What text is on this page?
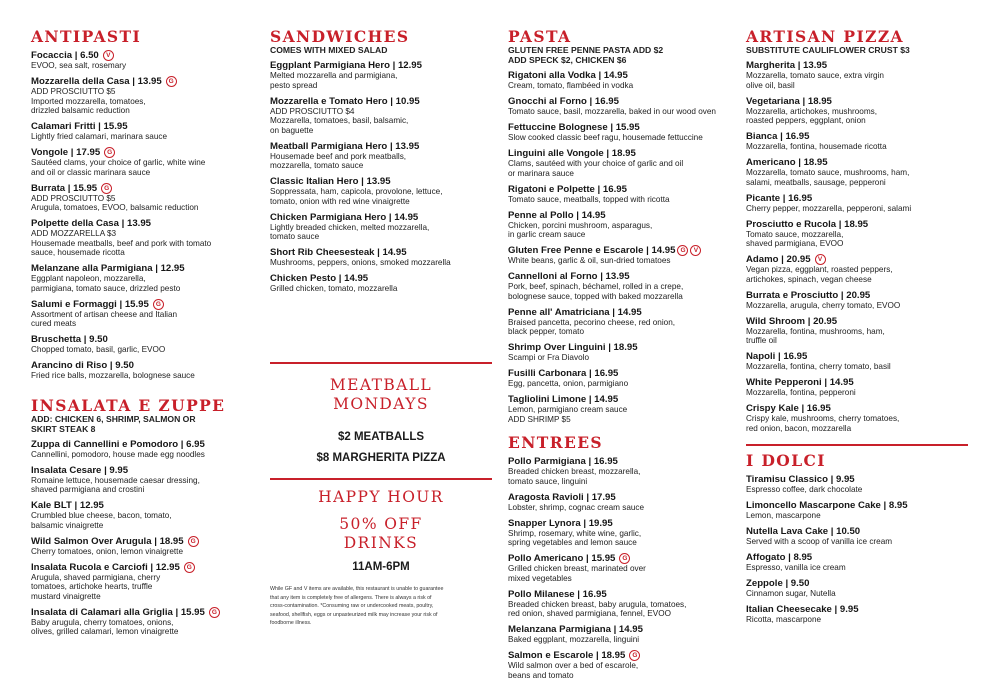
ANTIPASTI
Focaccia | 6.50 V
EVOO, sea salt, rosemary
Mozzarella della Casa | 13.95 G
ADD PROSCIUTTO $5
Imported mozzarella, tomatoes,
drizzled balsamic reduction
Calamari Fritti | 15.95
Lightly fried calamari, marinara sauce
Vongole | 17.95 G
Sautéed clams, your choice of garlic, white wine
and oil or classic marinara sauce
Burrata | 15.95 G
ADD PROSCIUTTO $5
Arugula, tomatoes, EVOO, balsamic reduction
Polpette della Casa | 13.95
ADD MOZZARELLA $3
Housemade meatballs, beef and pork with tomato
sauce, housemade ricotta
Melanzane alla Parmigiana | 12.95
Eggplant napoleon, mozzarella,
parmigiana, tomato sauce, drizzled pesto
Salumi e Formaggi | 15.95 G
Assortment of artisan cheese and Italian
cured meats
Bruschetta | 9.50
Chopped tomato, basil, garlic, EVOO
Arancino di Riso | 9.50
Fried rice balls, mozzarella, bolognese sauce
INSALATA E ZUPPE
ADD: CHICKEN 6, SHRIMP, SALMON OR
SKIRT STEAK 8
Zuppa di Cannellini e Pomodoro | 6.95
Cannellini, pomodoro, house made egg noodles
Insalata Cesare | 9.95
Romaine lettuce, housemade caesar dressing,
shaved parmigiana and crostini
Kale BLT | 12.95
Crumbled blue cheese, bacon, tomato,
balsamic vinaigrette
Wild Salmon Over Arugula | 18.95 G
Cherry tomatoes, onion, lemon vinaigrette
Insalata Rucola e Carciofi | 12.95 G
Arugula, shaved parmigiana, cherry
tomatoes, artichoke hearts, truffle
mustard vinaigrette
Insalata di Calamari alla Griglia | 15.95 G
Baby arugula, cherry tomatoes, onions,
olives, grilled calamari, lemon vinaigrette
SANDWICHES
COMES WITH MIXED SALAD
Eggplant Parmigiana Hero | 12.95
Melted mozzarella and parmigiana,
pesto spread
Mozzarella e Tomato Hero | 10.95
ADD PROSCIUTTO $4
Mozzarella, tomatoes, basil, balsamic,
on baguette
Meatball Parmigiana Hero | 13.95
Housemade beef and pork meatballs,
mozzarella, tomato sauce
Classic Italian Hero | 13.95
Soppressata, ham, capicola, provolone, lettuce,
tomato, onion with red wine vinaigrette
Chicken Parmigiana Hero | 14.95
Lightly breaded chicken, melted mozzarella,
tomato sauce
Short Rib Cheesesteak | 14.95
Mushrooms, peppers, onions, smoked mozzarella
Chicken Pesto | 14.95
Grilled chicken, tomato, mozzarella
MEATBALL
MONDAYS
$2 MEATBALLS
$8 MARGHERITA PIZZA
HAPPY HOUR
50% OFF
DRINKS
11AM-6PM
While GF and V items are available, this restaurant is unable to guarantee
that any item is completely free of allergens. There is always a risk of
cross-contamination. *Consuming raw or undercooked meats, poultry,
seafood, shellfish, eggs or unpasteurized milk may increase your risk of
foodborne illness.
PASTA
GLUTEN FREE PENNE PASTA ADD $2
ADD SPECK $2, CHICKEN $6
Rigatoni alla Vodka | 14.95
Cream, tomato, flambéed in vodka
Gnocchi al Forno | 16.95
Tomato sauce, basil, mozzarella, baked in our wood oven
Fettuccine Bolognese | 15.95
Slow cooked classic beef ragu, housemade fettuccine
Linguini alle Vongole | 18.95
Clams, sautéed with your choice of garlic and oil
or marinara sauce
Rigatoni e Polpette | 16.95
Tomato sauce, meatballs, topped with ricotta
Penne al Pollo | 14.95
Chicken, porcini mushroom, asparagus,
in garlic cream sauce
Gluten Free Penne e Escarole | 14.95 G V
White beans, garlic & oil, sun-dried tomatoes
Cannelloni al Forno | 13.95
Pork, beef, spinach, béchamel, rolled in a crepe,
bolognese sauce, topped with baked mozzarella
Penne all' Amatriciana | 14.95
Braised pancetta, pecorino cheese, red onion,
black pepper, tomato
Shrimp Over Linguini | 18.95
Scampi or Fra Diavolo
Fusilli Carbonara | 16.95
Egg, pancetta, onion, parmigiano
Tagliolini Limone | 14.95
Lemon, parmigiano cream sauce
ADD SHRIMP $5
ENTREES
Pollo Parmigiana | 16.95
Breaded chicken breast, mozzarella,
tomato sauce, linguini
Aragosta Ravioli | 17.95
Lobster, shrimp, cognac cream sauce
Snapper Lynora | 19.95
Shrimp, rosemary, white wine, garlic,
spring vegetables and lemon sauce
Pollo Americano | 15.95 G
Grilled chicken breast, marinated over
mixed vegetables
Pollo Milanese | 16.95
Breaded chicken breast, baby arugula, tomatoes,
red onion, shaved parmigiana, fennel, EVOO
Melanzana Parmigiana | 14.95
Baked eggplant, mozzarella, linguini
Salmon e Escarole | 18.95 G
Wild salmon over a bed of escarole,
beans and tomato
ARTISAN PIZZA
SUBSTITUTE CAULIFLOWER CRUST $3
Margherita | 13.95
Mozzarella, tomato sauce, extra virgin
olive oil, basil
Vegetariana | 18.95
Mozzarella, artichokes, mushrooms,
roasted peppers, eggplant, onion
Bianca | 16.95
Mozzarella, fontina, housemade ricotta
Americano | 18.95
Mozzarella, tomato sauce, mushrooms, ham,
salami, meatballs, sausage, pepperoni
Picante | 16.95
Cherry pepper, mozzarella, pepperoni, salami
Prosciutto e Rucola | 18.95
Tomato sauce, mozzarella,
shaved parmigiana, EVOO
Adamo | 20.95 V
Vegan pizza, eggplant, roasted peppers,
artichokes, spinach, vegan cheese
Burrata e Prosciutto | 20.95
Mozzarella, arugula, cherry tomato, EVOO
Wild Shroom | 20.95
Mozzarella, fontina, mushrooms, ham,
truffle oil
Napoli | 16.95
Mozzarella, fontina, cherry tomato, basil
White Pepperoni | 14.95
Mozzarella, fontina, pepperoni
Crispy Kale | 16.95
Crispy kale, mushrooms, cherry tomatoes,
red onion, bacon, mozzarella
I DOLCI
Tiramisu Classico | 9.95
Espresso coffee, dark chocolate
Limoncello Mascarpone Cake | 8.95
Lemon, mascarpone
Nutella Lava Cake | 10.50
Served with a scoop of vanilla ice cream
Affogato | 8.95
Espresso, vanilla ice cream
Zeppole | 9.50
Cinnamon sugar, Nutella
Italian Cheesecake | 9.95
Ricotta, mascarpone
